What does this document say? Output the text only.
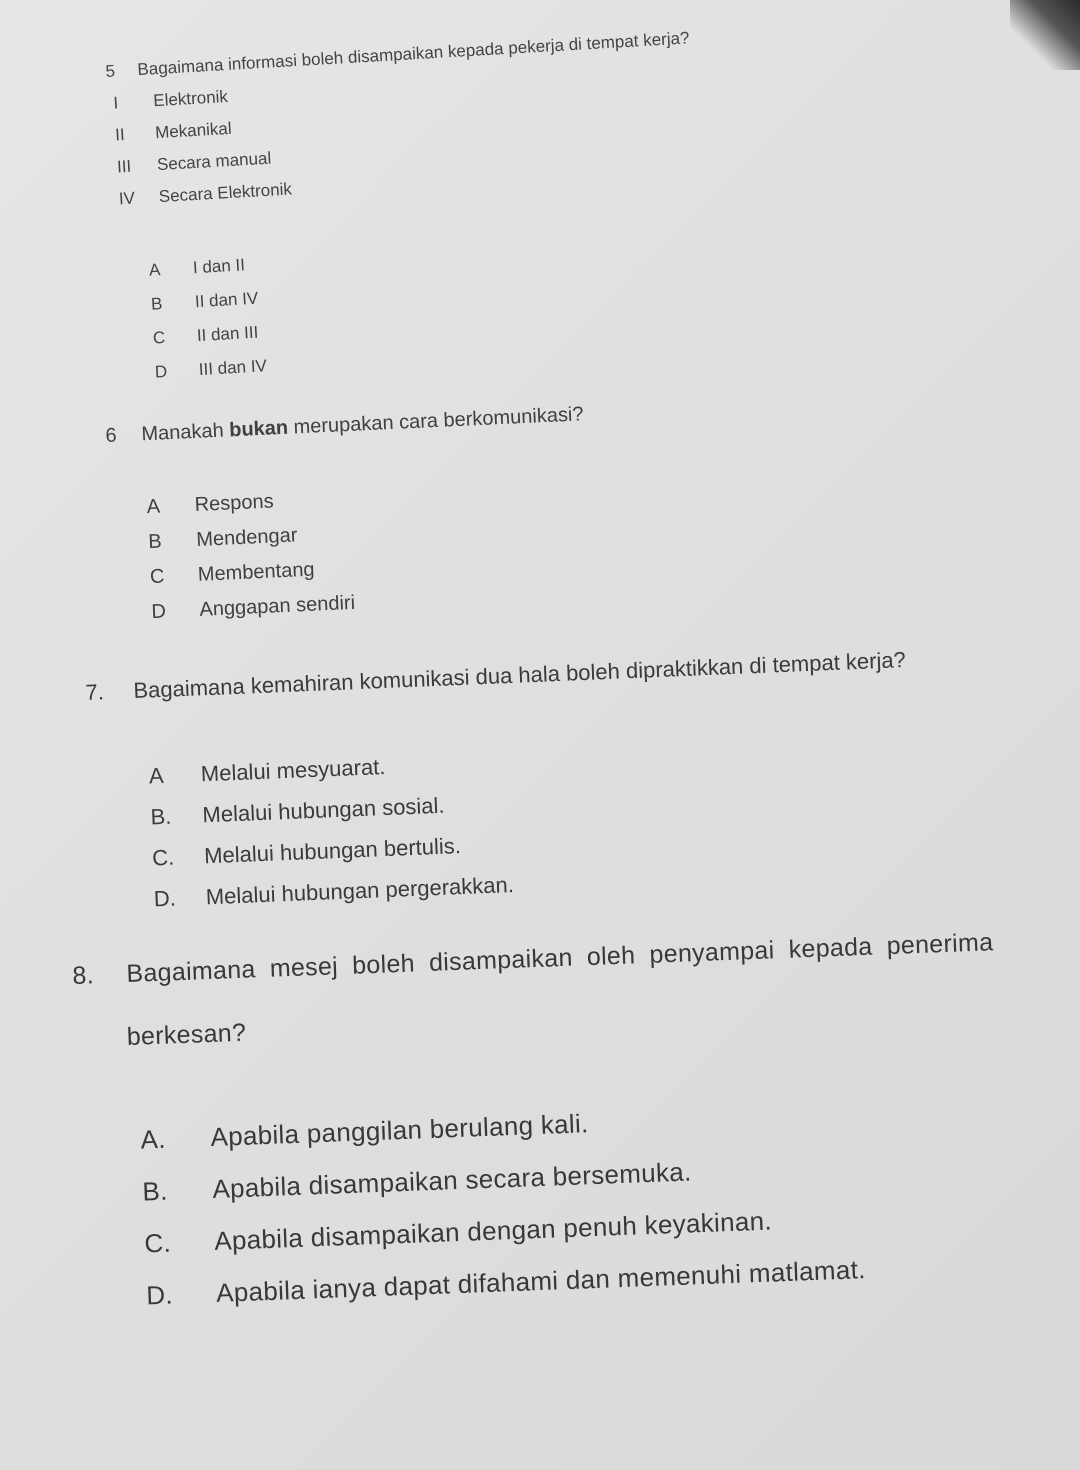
5 Bagaimana informasi boleh disampaikan kepada pekerja di tempat kerja?
I Elektronik
II Mekanikal
III Secara manual
IV Secara Elektronik
A I dan II
B II dan IV
C II dan III
D III dan IV
6 Manakah bukan merupakan cara berkomunikasi?
A Respons
B Mendengar
C Membentang
D Anggapan sendiri
7. Bagaimana kemahiran komunikasi dua hala boleh dipraktikkan di tempat kerja?
A Melalui mesyuarat.
B. Melalui hubungan sosial.
C. Melalui hubungan bertulis.
D. Melalui hubungan pergerakkan.
8. Bagaimana mesej boleh disampaikan oleh penyampai kepada penerima
berkesan?
A. Apabila panggilan berulang kali.
B. Apabila disampaikan secara bersemuka.
C. Apabila disampaikan dengan penuh keyakinan.
D. Apabila ianya dapat difahami dan memenuhi matlamat.
